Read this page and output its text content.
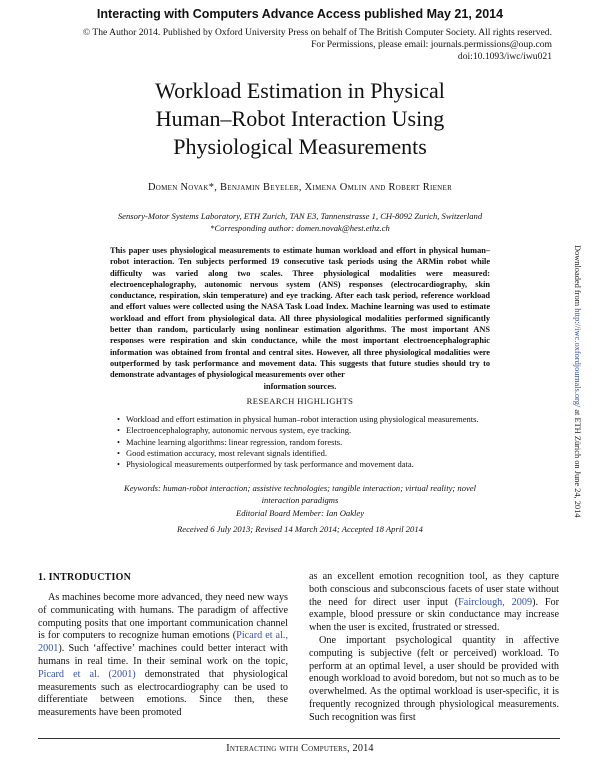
Interacting with Computers Advance Access published May 21, 2014
© The Author 2014. Published by Oxford University Press on behalf of The British Computer Society. All rights reserved.
For Permissions, please email: journals.permissions@oup.com
doi:10.1093/iwc/iwu021
Workload Estimation in Physical
Human–Robot Interaction Using
Physiological Measurements
Domen Novak*, Benjamin Beyeler, Ximena Omlin and Robert Riener
Sensory-Motor Systems Laboratory, ETH Zurich, TAN E3, Tannenstrasse 1, CH-8092 Zurich, Switzerland
*Corresponding author: domen.novak@hest.ethz.ch
This paper uses physiological measurements to estimate human workload and effort in physical human–robot interaction. Ten subjects performed 19 consecutive task periods using the ARMin robot while difficulty was varied along two scales. Three physiological modalities were measured: electroencephalography, autonomic nervous system (ANS) responses (electrocardiography, skin conductance, respiration, skin temperature) and eye tracking. After each task period, reference workload and effort values were collected using the NASA Task Load Index. Machine learning was used to estimate workload and effort from physiological data. All three physiological modalities performed significantly better than random, particularly using nonlinear estimation algorithms. The most important ANS responses were respiration and skin conductance, while the most important electroencephalographic information was obtained from frontal and central sites. However, all three physiological modalities were outperformed by task performance and movement data. This suggests that future studies should try to demonstrate advantages of physiological measurements over other
information sources.
RESEARCH HIGHLIGHTS
• Workload and effort estimation in physical human–robot interaction using physiological measurements.
• Electroencephalography, autonomic nervous system, eye tracking.
• Machine learning algorithms: linear regression, random forests.
• Good estimation accuracy, most relevant signals identified.
• Physiological measurements outperformed by task performance and movement data.
Keywords: human-robot interaction; assistive technologies; tangible interaction; virtual reality; novel
interaction paradigms
Editorial Board Member: Ian Oakley
Received 6 July 2013; Revised 14 March 2014; Accepted 18 April 2014
Downloaded from http://iwc.oxfordjournals.org/ at ETH Zürich on June 24, 2014
1. INTRODUCTION

As machines become more advanced, they need new ways of communicating with humans. The paradigm of affective computing posits that one important communication channel is for computers to recognize human emotions (Picard et al., 2001). Such ‘affective’ machines could better interact with humans in real time. In their seminal work on the topic, Picard et al. (2001) demonstrated that physiological measurements such as electrocardiography can be used to differentiate between emotions. Since then, these measurements have been promoted

as an excellent emotion recognition tool, as they capture both conscious and subconscious facets of user state without the need for direct user input (Fairclough, 2009). For example, blood pressure or skin conductance may increase when the user is excited, frustrated or stressed.

One important psychological quantity in affective computing is subjective (felt or perceived) workload. To perform at an optimal level, a user should be provided with enough workload to avoid boredom, but not so much as to be overwhelmed. As the optimal workload is user-specific, it is frequently recognized through physiological measurements. Such recognition was first

Interacting with Computers, 2014
